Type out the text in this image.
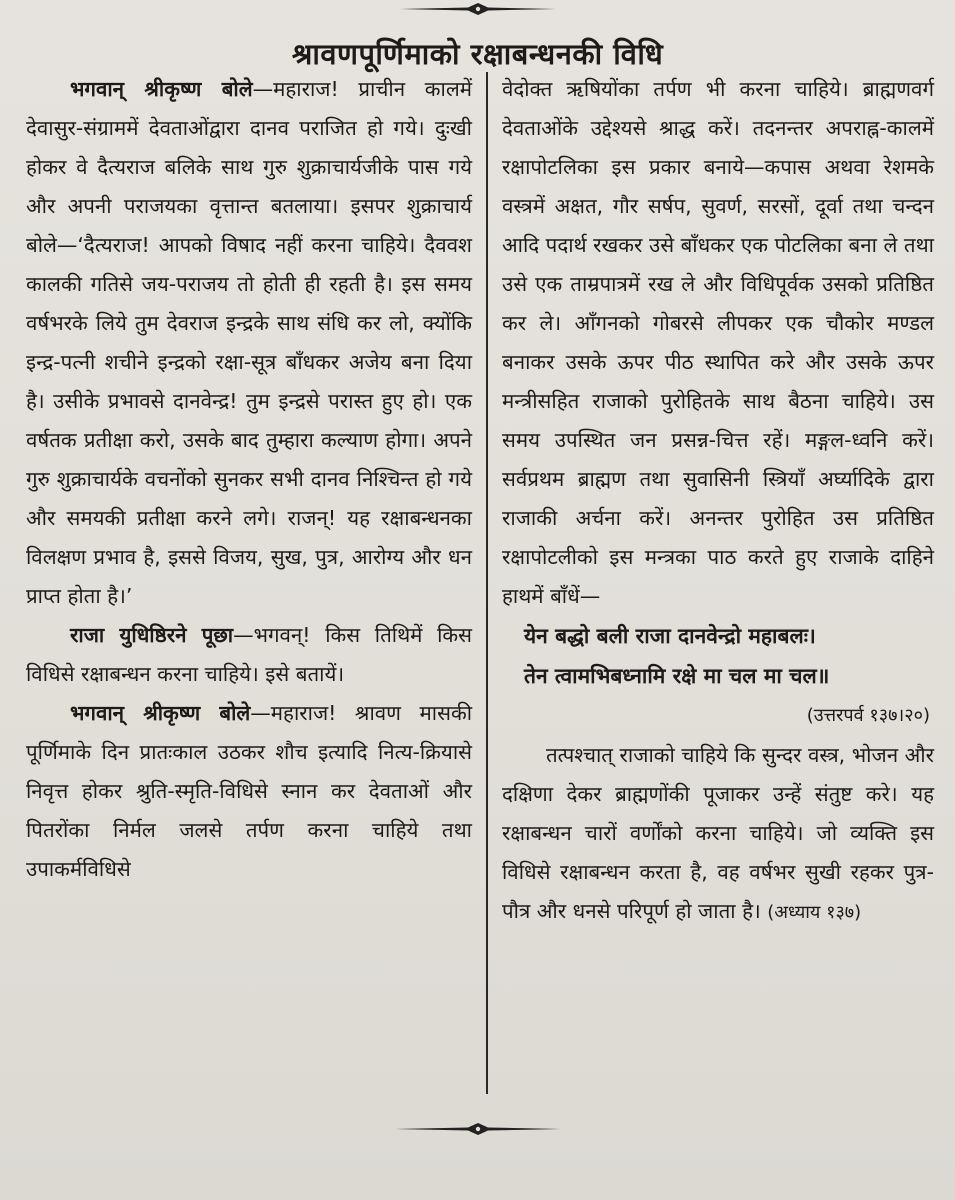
श्रावणपूर्णिमाको रक्षाबन्धनकी विधि

भगवान् श्रीकृष्ण बोले—महाराज! प्राचीन कालमें देवासुर-संग्राममें देवताओंद्वारा दानव पराजित हो गये। दुःखी होकर वे दैत्यराज बलिके साथ गुरु शुक्राचार्यजीके पास गये और अपनी पराजयका वृत्तान्त बतलाया। इसपर शुक्राचार्य बोले—‘दैत्यराज! आपको विषाद नहीं करना चाहिये। दैववश कालकी गतिसे जय-पराजय तो होती ही रहती है। इस समय वर्षभरके लिये तुम देवराज इन्द्रके साथ संधि कर लो, क्योंकि इन्द्र-पत्नी शचीने इन्द्रको रक्षा-सूत्र बाँधकर अजेय बना दिया है। उसीके प्रभावसे दानवेन्द्र! तुम इन्द्रसे परास्त हुए हो। एक वर्षतक प्रतीक्षा करो, उसके बाद तुम्हारा कल्याण होगा। अपने गुरु शुक्राचार्यके वचनोंको सुनकर सभी दानव निश्चिन्त हो गये और समयकी प्रतीक्षा करने लगे। राजन्! यह रक्षाबन्धनका विलक्षण प्रभाव है, इससे विजय, सुख, पुत्र, आरोग्य और धन प्राप्त होता है।’

राजा युधिष्ठिरने पूछा—भगवन्! किस तिथिमें किस विधिसे रक्षाबन्धन करना चाहिये। इसे बतायें।

भगवान् श्रीकृष्ण बोले—महाराज! श्रावण मासकी पूर्णिमाके दिन प्रातःकाल उठकर शौच इत्यादि नित्य-क्रियासे निवृत्त होकर श्रुति-स्मृति-विधिसे स्नान कर देवताओं और पितरोंका निर्मल जलसे तर्पण करना चाहिये तथा उपाकर्मविधिसे

वेदोक्त ऋषियोंका तर्पण भी करना चाहिये। ब्राह्मणवर्ग देवताओंके उद्देश्यसे श्राद्ध करें। तदनन्तर अपराह्न-कालमें रक्षापोटलिका इस प्रकार बनाये—कपास अथवा रेशमके वस्त्रमें अक्षत, गौर सर्षप, सुवर्ण, सरसों, दूर्वा तथा चन्दन आदि पदार्थ रखकर उसे बाँधकर एक पोटलिका बना ले तथा उसे एक ताम्रपात्रमें रख ले और विधिपूर्वक उसको प्रतिष्ठित कर ले। आँगनको गोबरसे लीपकर एक चौकोर मण्डल बनाकर उसके ऊपर पीठ स्थापित करे और उसके ऊपर मन्त्रीसहित राजाको पुरोहितके साथ बैठना चाहिये। उस समय उपस्थित जन प्रसन्न-चित्त रहें। मङ्गल-ध्वनि करें। सर्वप्रथम ब्राह्मण तथा सुवासिनी स्त्रियाँ अर्घ्यादिके द्वारा राजाकी अर्चना करें। अनन्तर पुरोहित उस प्रतिष्ठित रक्षापोटलीको इस मन्त्रका पाठ करते हुए राजाके दाहिने हाथमें बाँधें—

येन बद्धो बली राजा दानवेन्द्रो महाबलः।
तेन त्वामभिबध्नामि रक्षे मा चल मा चल॥
(उत्तरपर्व १३७।२०)

तत्पश्चात् राजाको चाहिये कि सुन्दर वस्त्र, भोजन और दक्षिणा देकर ब्राह्मणोंकी पूजाकर उन्हें संतुष्ट करे। यह रक्षाबन्धन चारों वर्णोंको करना चाहिये। जो व्यक्ति इस विधिसे रक्षाबन्धन करता है, वह वर्षभर सुखी रहकर पुत्र-पौत्र और धनसे परिपूर्ण हो जाता है। (अध्याय १३७)
